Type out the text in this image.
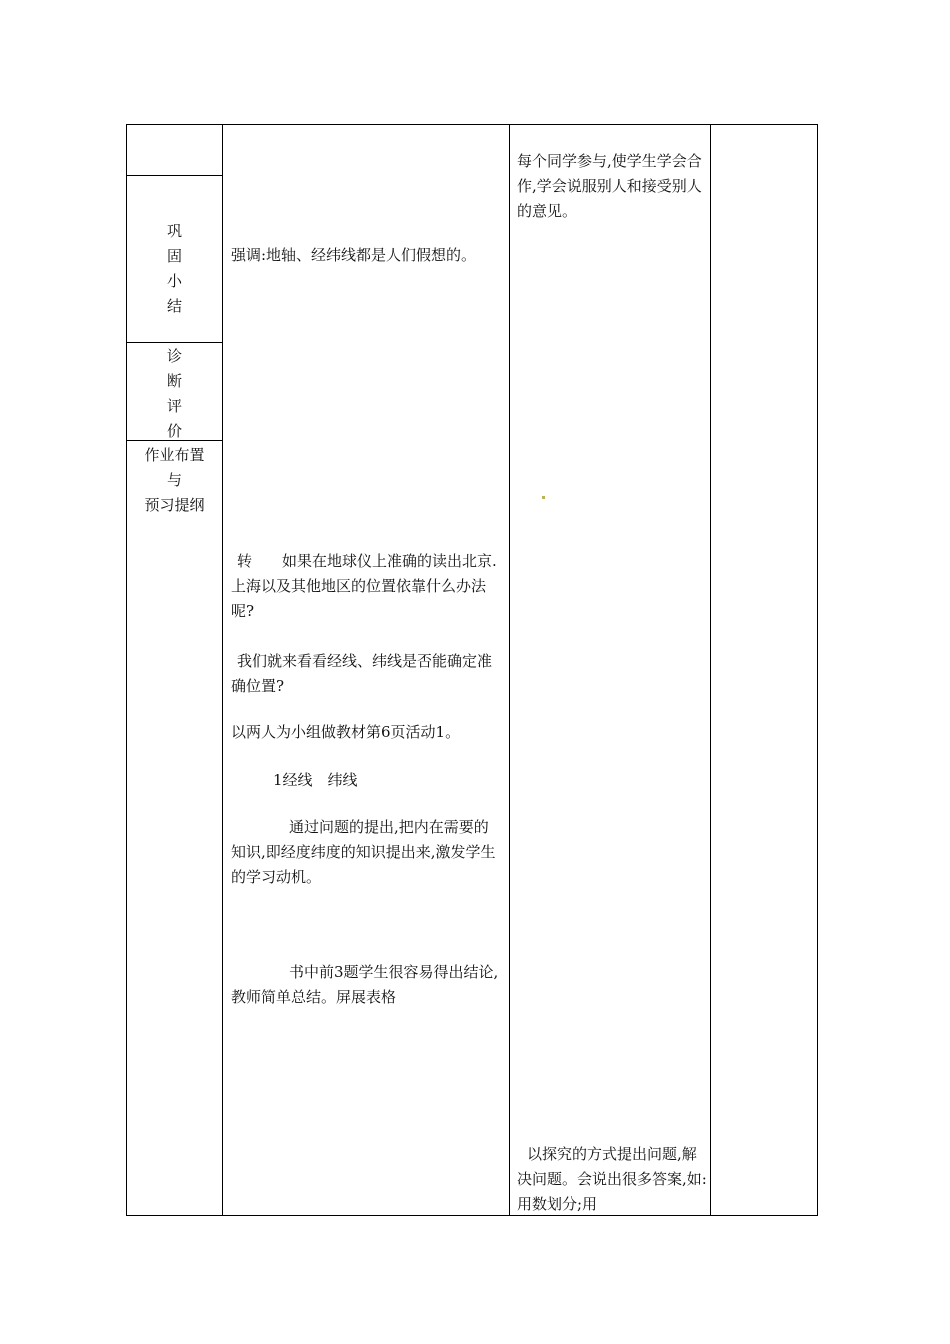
巩
固
小
结
诊
断
评
价
作业布置
与
预习提纲
强调:地轴、经纬线都是人们假想的。
转　　如果在地球仪上准确的读出北京.上海以及其他地区的位置依靠什么办法呢?
我们就来看看经线、纬线是否能确定准确位置?
以两人为小组做教材第6页活动1。
1经线　纬线
通过问题的提出,把内在需要的知识,即经度纬度的知识提出来,激发学生的学习动机。
书中前3题学生很容易得出结论,教师简单总结。屏展表格
每个同学参与,使学生学会合作,学会说服别人和接受别人的意见。
以探究的方式提出问题,解决问题。会说出很多答案,如:用数划分;用
